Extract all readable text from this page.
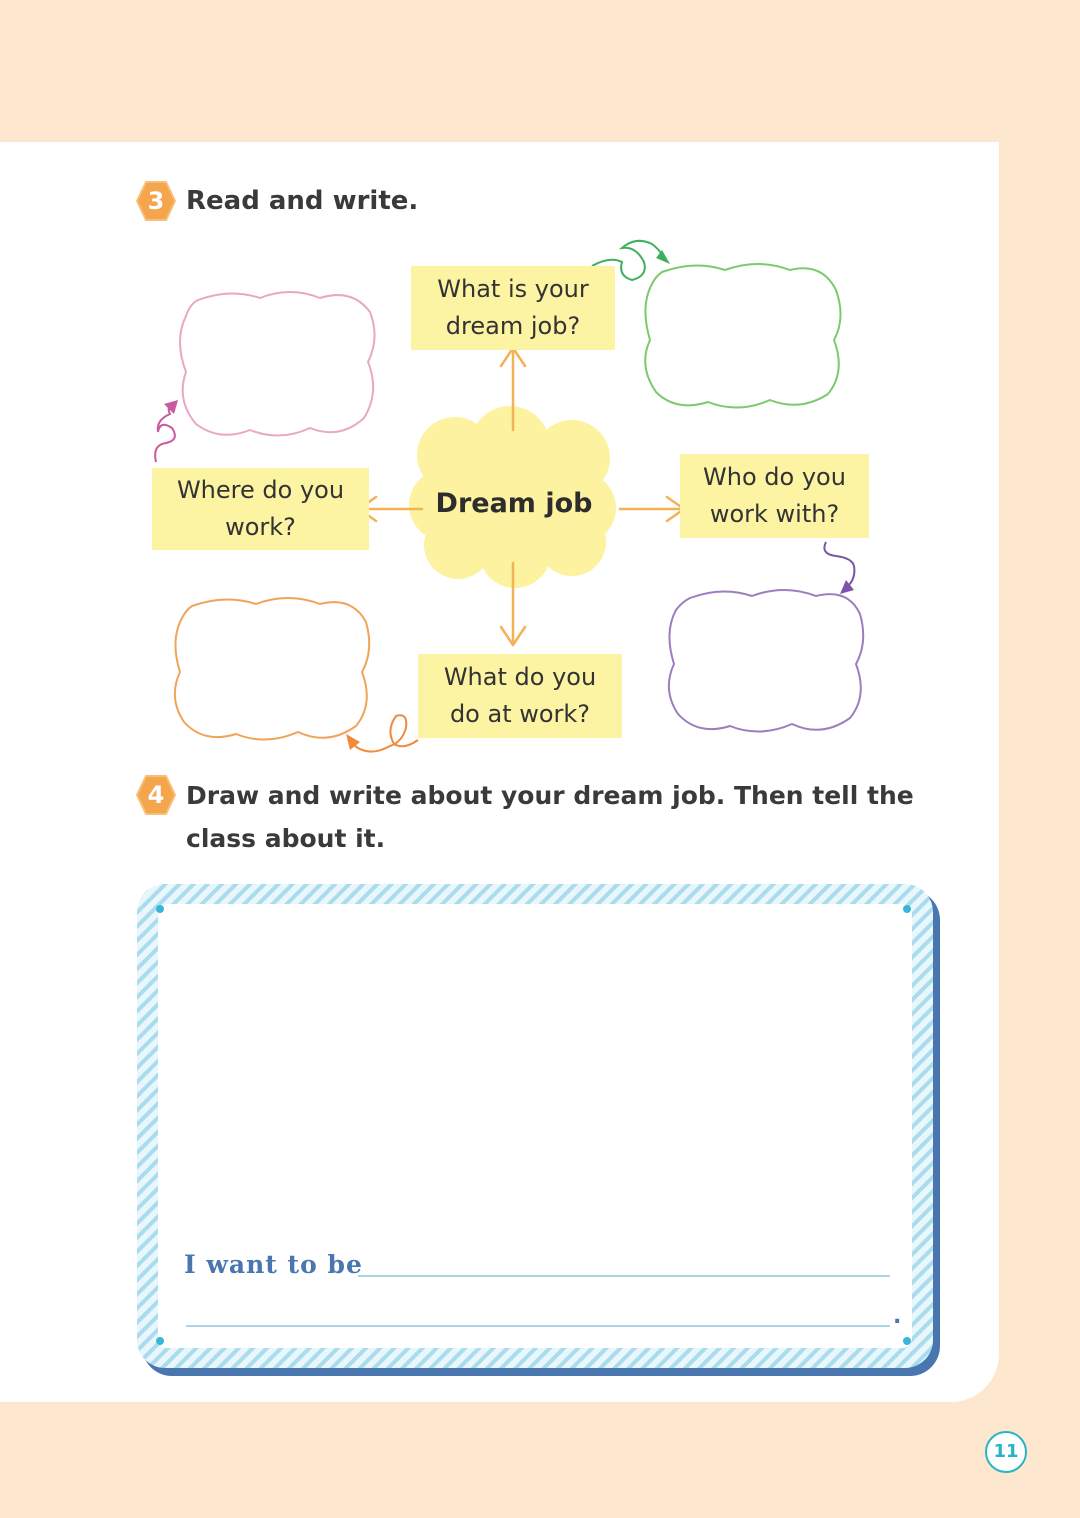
3 Read and write.
What is your
dream job?
Where do you
work?
Who do you
work with?
What do you
do at work?
Dream job
4 Draw and write about your dream job. Then tell the
class about it.
I want to be
.
11
